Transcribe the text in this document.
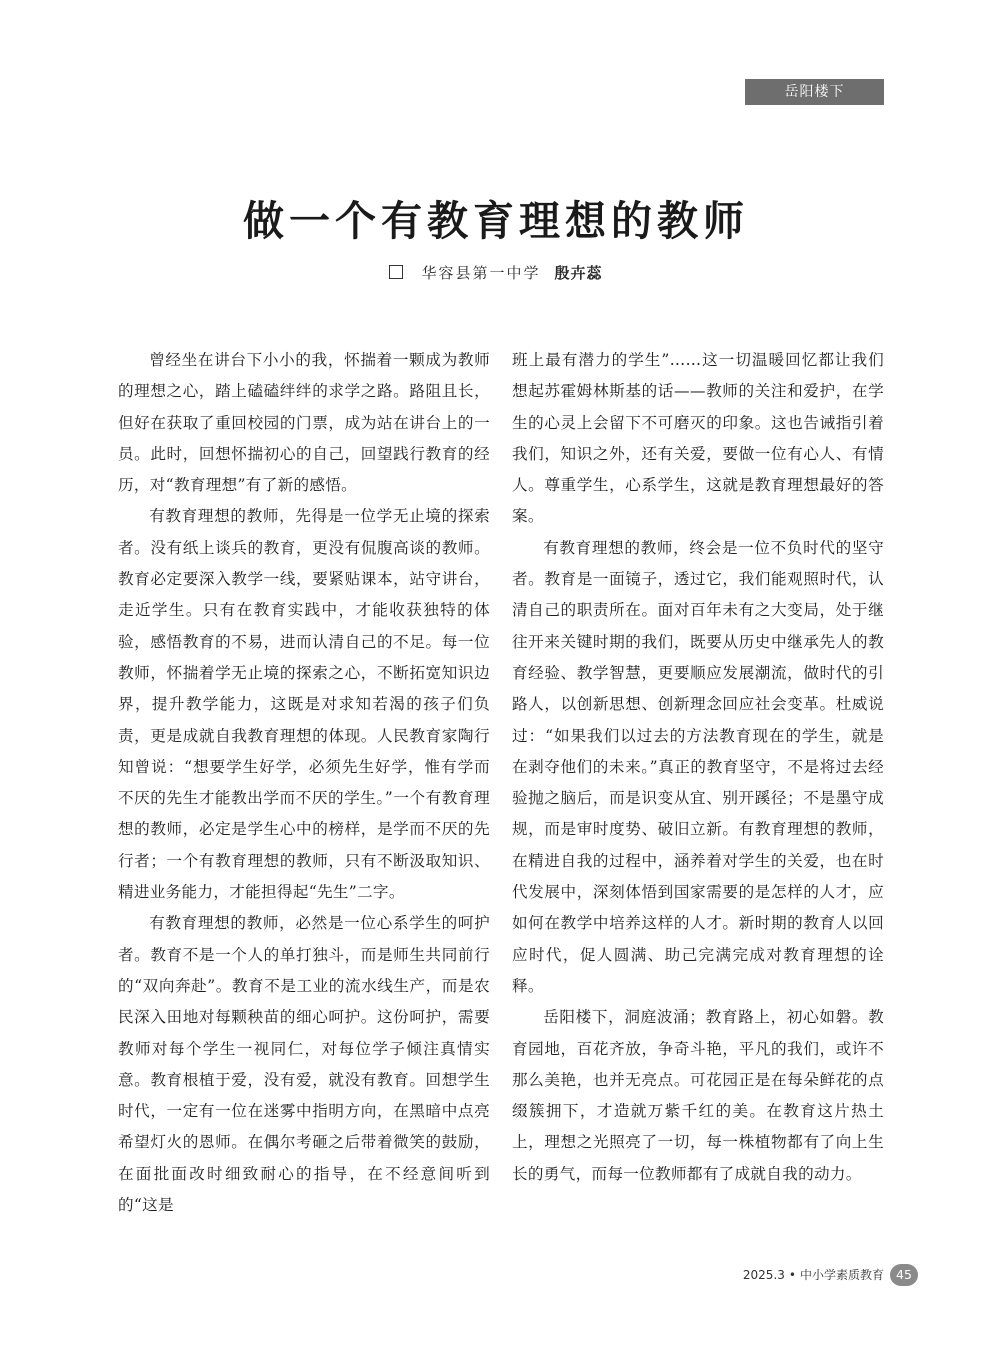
岳阳楼下
做一个有教育理想的教师
华容县第一中学 殷卉蕊

曾经坐在讲台下小小的我，怀揣着一颗成为教师的理想之心，踏上磕磕绊绊的求学之路。路阻且长，但好在获取了重回校园的门票，成为站在讲台上的一员。此时，回想怀揣初心的自己，回望践行教育的经历，对“教育理想”有了新的感悟。

有教育理想的教师，先得是一位学无止境的探索者。没有纸上谈兵的教育，更没有侃腹高谈的教师。教育必定要深入教学一线，要紧贴课本，站守讲台，走近学生。只有在教育实践中，才能收获独特的体验，感悟教育的不易，进而认清自己的不足。每一位教师，怀揣着学无止境的探索之心，不断拓宽知识边界，提升教学能力，这既是对求知若渴的孩子们负责，更是成就自我教育理想的体现。人民教育家陶行知曾说：“想要学生好学，必须先生好学，惟有学而不厌的先生才能教出学而不厌的学生。”一个有教育理想的教师，必定是学生心中的榜样，是学而不厌的先行者；一个有教育理想的教师，只有不断汲取知识、精进业务能力，才能担得起“先生”二字。

有教育理想的教师，必然是一位心系学生的呵护者。教育不是一个人的单打独斗，而是师生共同前行的“双向奔赴”。教育不是工业的流水线生产，而是农民深入田地对每颗秧苗的细心呵护。这份呵护，需要教师对每个学生一视同仁，对每位学子倾注真情实意。教育根植于爱，没有爱，就没有教育。回想学生时代，一定有一位在迷雾中指明方向，在黑暗中点亮希望灯火的恩师。在偶尔考砸之后带着微笑的鼓励，在面批面改时细致耐心的指导，在不经意间听到的“这是

班上最有潜力的学生”……这一切温暖回忆都让我们想起苏霍姆林斯基的话——教师的关注和爱护，在学生的心灵上会留下不可磨灭的印象。这也告诫指引着我们，知识之外，还有关爱，要做一位有心人、有情人。尊重学生，心系学生，这就是教育理想最好的答案。

有教育理想的教师，终会是一位不负时代的坚守者。教育是一面镜子，透过它，我们能观照时代，认清自己的职责所在。面对百年未有之大变局，处于继往开来关键时期的我们，既要从历史中继承先人的教育经验、教学智慧，更要顺应发展潮流，做时代的引路人，以创新思想、创新理念回应社会变革。杜威说过：“如果我们以过去的方法教育现在的学生，就是在剥夺他们的未来。”真正的教育坚守，不是将过去经验抛之脑后，而是识变从宜、别开蹊径；不是墨守成规，而是审时度势、破旧立新。有教育理想的教师，在精进自我的过程中，涵养着对学生的关爱，也在时代发展中，深刻体悟到国家需要的是怎样的人才，应如何在教学中培养这样的人才。新时期的教育人以回应时代，促人圆满、助己完满完成对教育理想的诠释。

岳阳楼下，洞庭波涌；教育路上，初心如磐。教育园地，百花齐放，争奇斗艳，平凡的我们，或许不那么美艳，也并无亮点。可花园正是在每朵鲜花的点缀簇拥下，才造就万紫千红的美。在教育这片热土上，理想之光照亮了一切，每一株植物都有了向上生长的勇气，而每一位教师都有了成就自我的动力。

2025.3 • 中小学素质教育 45
